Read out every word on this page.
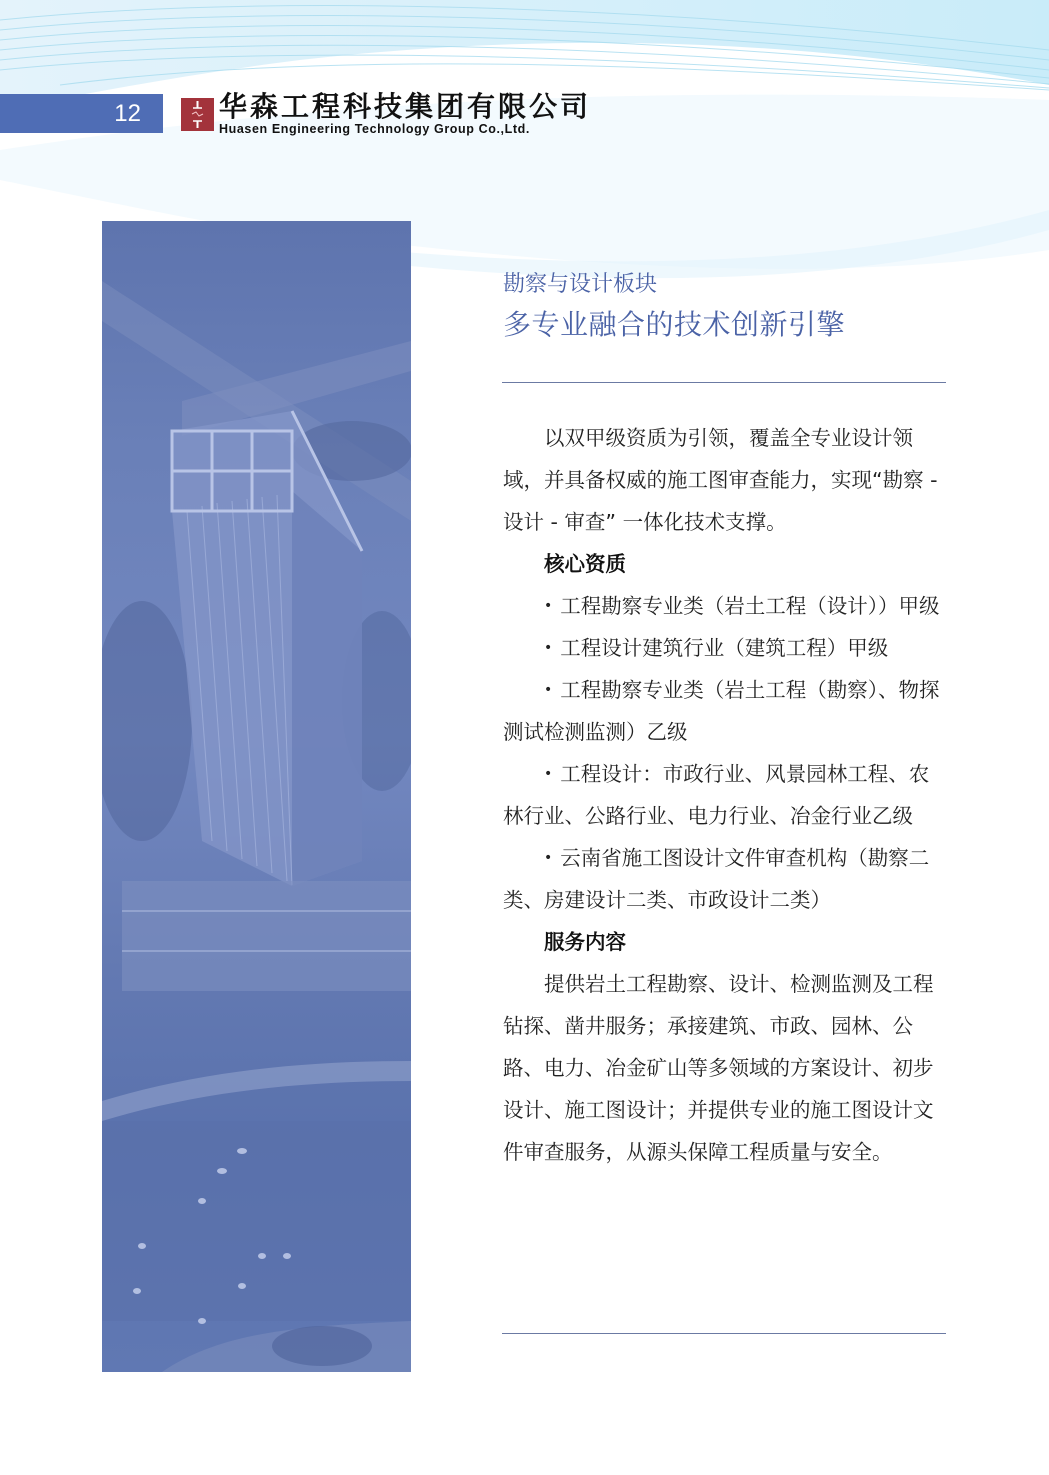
12	华森工程科技集团有限公司
Huasen Engineering Technology Group Co.,Ltd.
勘察与设计板块
多专业融合的技术创新引擎

以双甲级资质为引领，覆盖全专业设计领域，并具备权威的施工图审查能力，实现“勘察 - 设计 - 审查” 一体化技术支撑。

核心资质

• 工程勘察专业类（岩土工程（设计））甲级

• 工程设计建筑行业（建筑工程）甲级

• 工程勘察专业类（岩土工程（勘察）、物探测试检测监测）乙级

• 工程设计：市政行业、风景园林工程、农林行业、公路行业、电力行业、冶金行业乙级

• 云南省施工图设计文件审查机构（勘察二类、房建设计二类、市政设计二类）

服务内容

提供岩土工程勘察、设计、检测监测及工程钻探、凿井服务；承接建筑、市政、园林、公路、电力、冶金矿山等多领域的方案设计、初步设计、施工图设计；并提供专业的施工图设计文件审查服务，从源头保障工程质量与安全。
